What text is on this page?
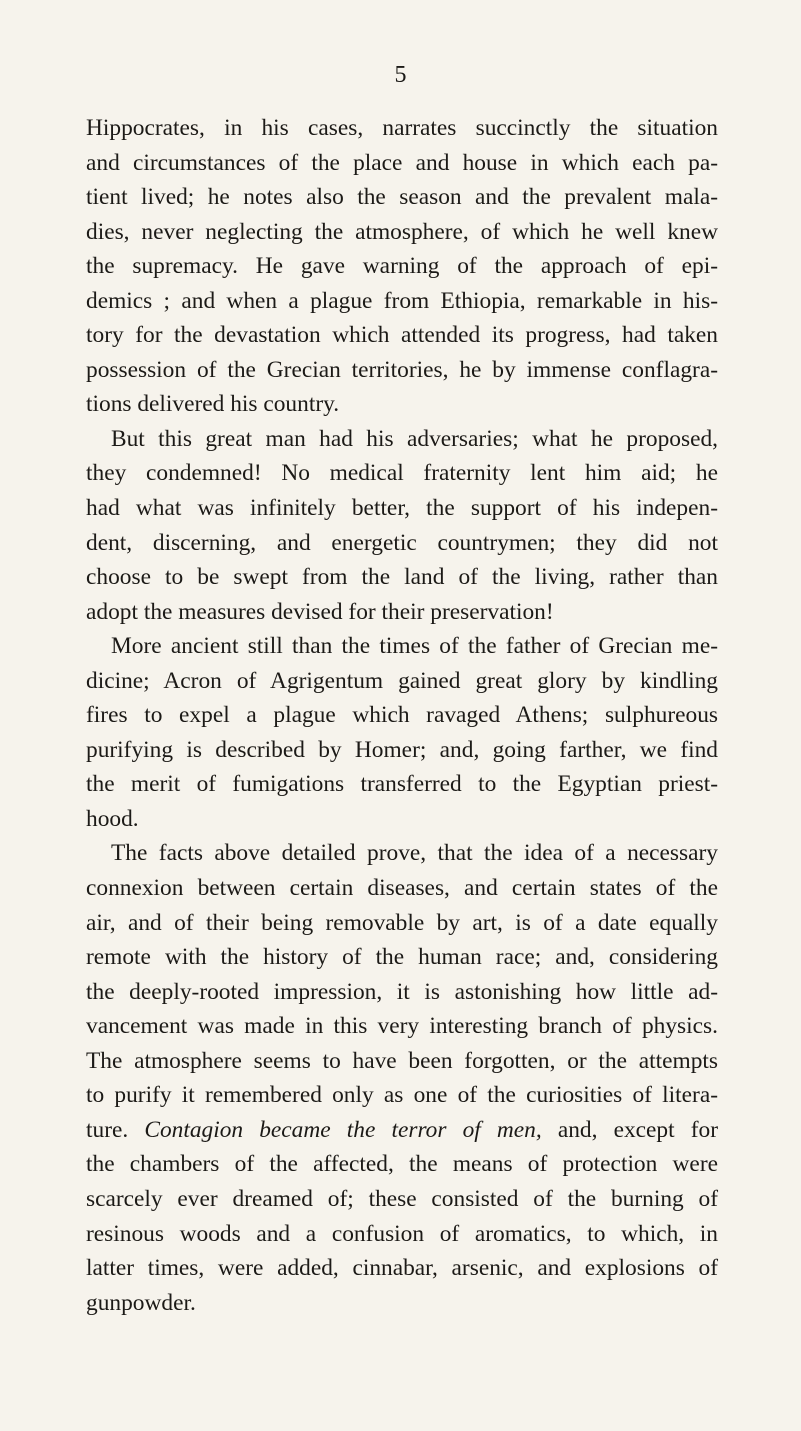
5
Hippocrates, in his cases, narrates succinctly the situation
and circumstances of the place and house in which each pa-
tient lived; he notes also the season and the prevalent mala-
dies, never neglecting the atmosphere, of which he well knew
the supremacy. He gave warning of the approach of epi-
demics ; and when a plague from Ethiopia, remarkable in his-
tory for the devastation which attended its progress, had taken
possession of the Grecian territories, he by immense conflagra-
tions delivered his country.
But this great man had his adversaries; what he proposed,
they condemned! No medical fraternity lent him aid; he
had what was infinitely better, the support of his indepen-
dent, discerning, and energetic countrymen; they did not
choose to be swept from the land of the living, rather than
adopt the measures devised for their preservation!
More ancient still than the times of the father of Grecian me-
dicine; Acron of Agrigentum gained great glory by kindling
fires to expel a plague which ravaged Athens; sulphureous
purifying is described by Homer; and, going farther, we find
the merit of fumigations transferred to the Egyptian priest-
hood.
The facts above detailed prove, that the idea of a necessary
connexion between certain diseases, and certain states of the
air, and of their being removable by art, is of a date equally
remote with the history of the human race; and, considering
the deeply-rooted impression, it is astonishing how little ad-
vancement was made in this very interesting branch of physics.
The atmosphere seems to have been forgotten, or the attempts
to purify it remembered only as one of the curiosities of litera-
ture. Contagion became the terror of men, and, except for
the chambers of the affected, the means of protection were
scarcely ever dreamed of; these consisted of the burning of
resinous woods and a confusion of aromatics, to which, in
latter times, were added, cinnabar, arsenic, and explosions of
gunpowder.
